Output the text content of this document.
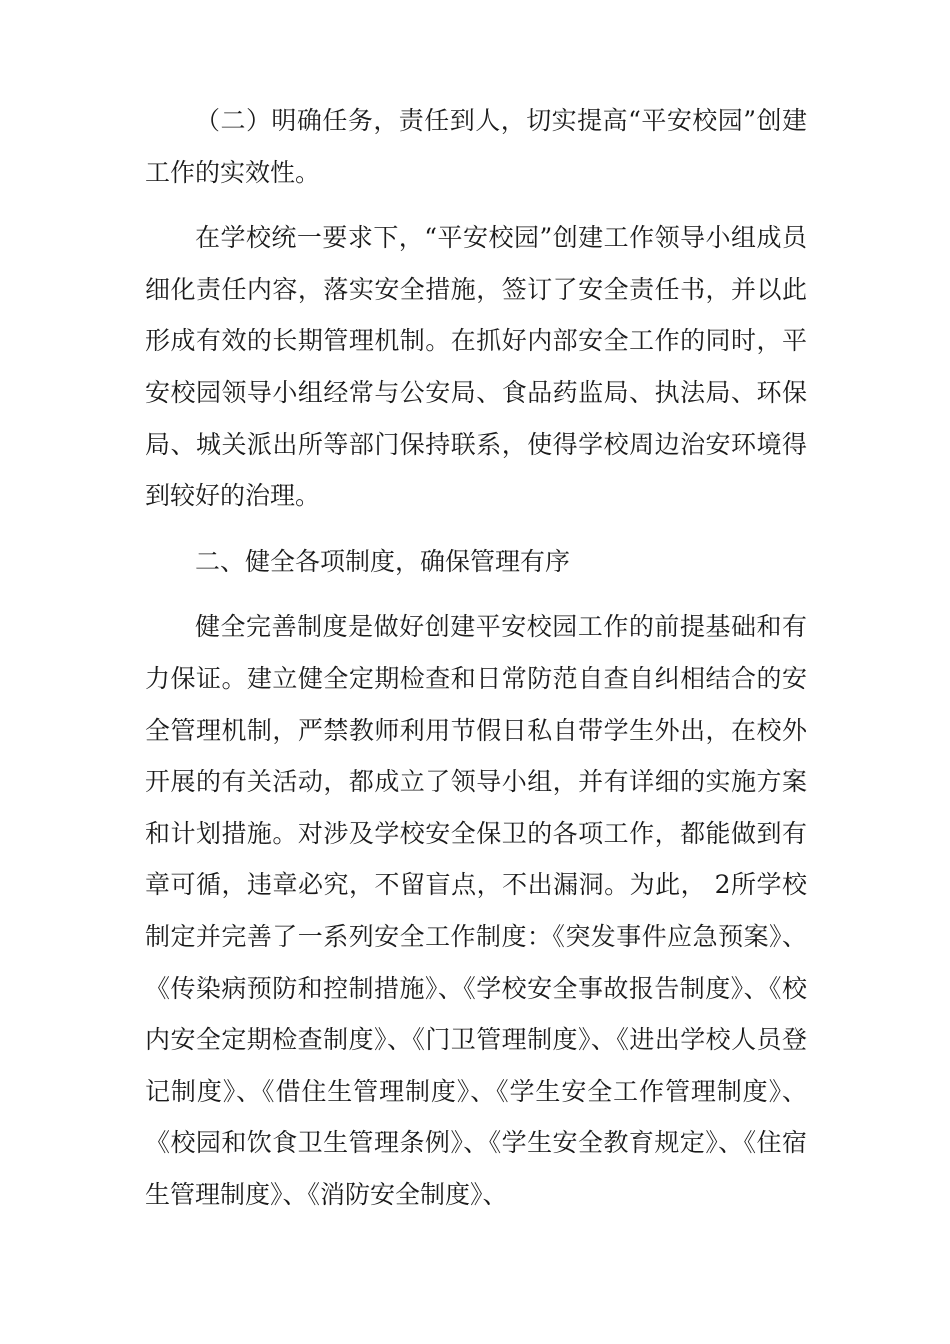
（二）明确任务，责任到人，切实提高“平安校园”创建工作的实效性。

在学校统一要求下，“平安校园”创建工作领导小组成员细化责任内容，落实安全措施，签订了安全责任书，并以此形成有效的长期管理机制。在抓好内部安全工作的同时，平安校园领导小组经常与公安局、食品药监局、执法局、环保局、城关派出所等部门保持联系，使得学校周边治安环境得到较好的治理。

二、健全各项制度，确保管理有序

健全完善制度是做好创建平安校园工作的前提基础和有力保证。建立健全定期检查和日常防范自查自纠相结合的安全管理机制，严禁教师利用节假日私自带学生外出，在校外开展的有关活动，都成立了领导小组，并有详细的实施方案和计划措施。对涉及学校安全保卫的各项工作，都能做到有章可循，违章必究，不留盲点，不出漏洞。为此， 2所学校制定并完善了一系列安全工作制度：《突发事件应急预案》、《传染病预防和控制措施》、《学校安全事故报告制度》、《校内安全定期检查制度》、《门卫管理制度》、《进出学校人员登记制度》、《借住生管理制度》、《学生安全工作管理制度》、《校园和饮食卫生管理条例》、《学生安全教育规定》、《住宿生管理制度》、《消防安全制度》、
